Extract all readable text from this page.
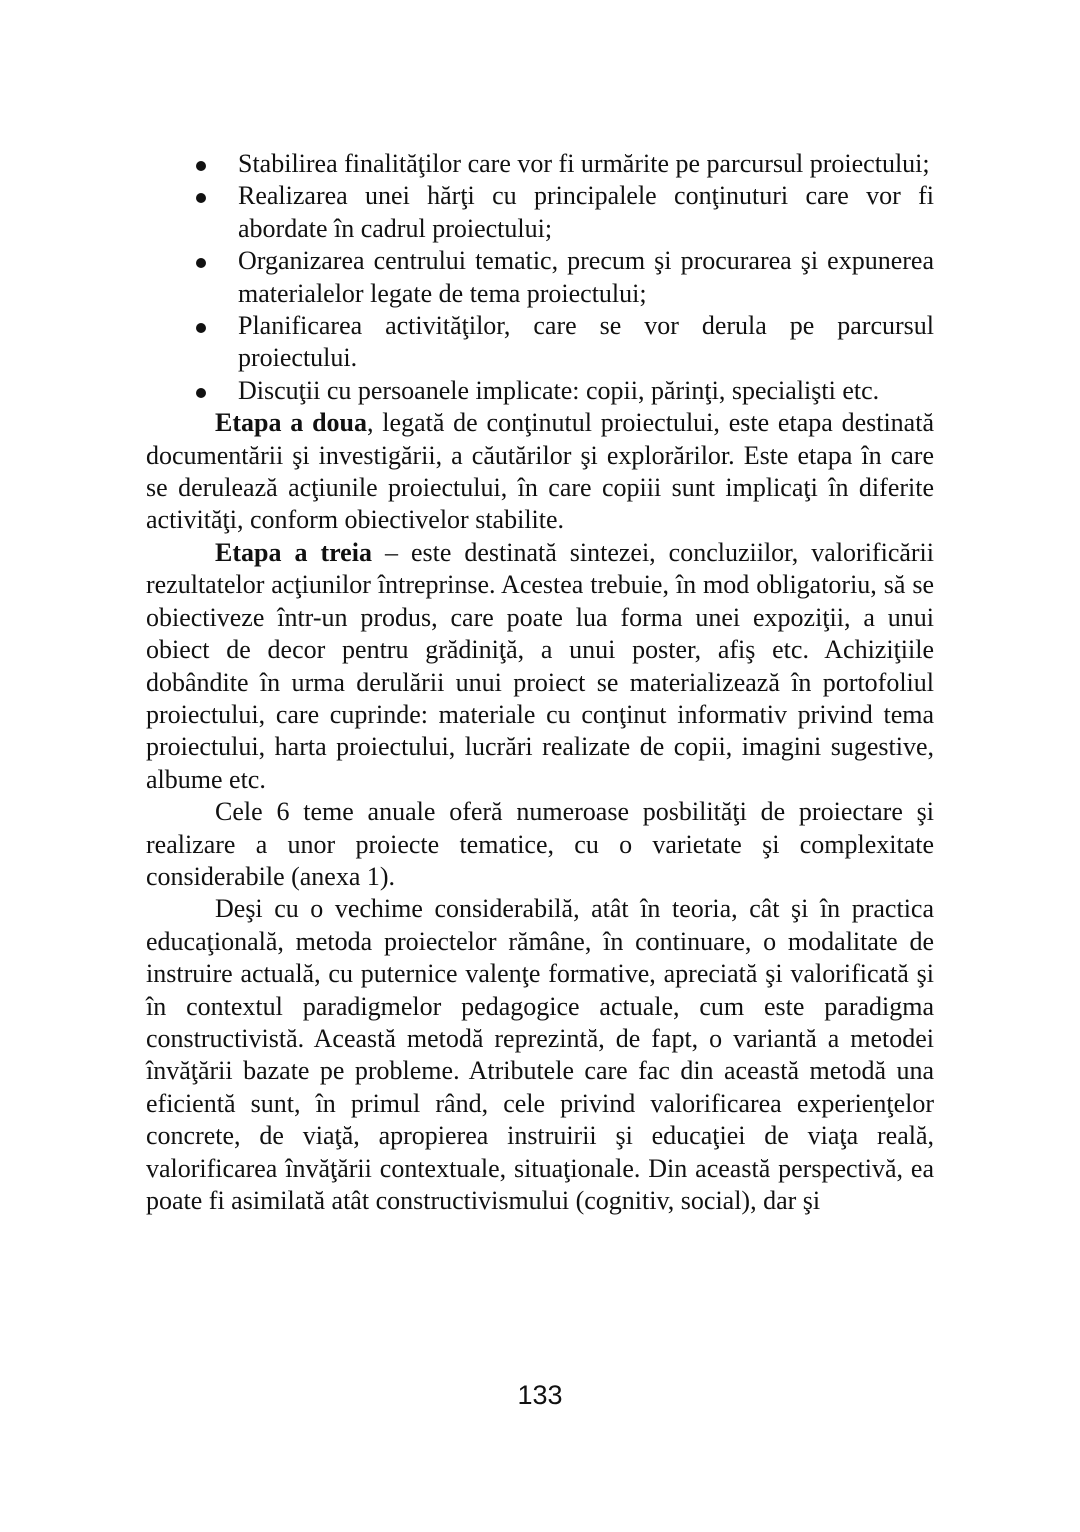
Stabilirea finalităţilor care vor fi urmărite pe parcursul proiectului;
Realizarea unei hărţi cu principalele conţinuturi care vor fi abordate în cadrul proiectului;
Organizarea centrului tematic, precum şi procurarea şi expunerea materialelor legate de tema proiectului;
Planificarea activităţilor, care se vor derula pe parcursul proiectului.
Discuţii cu persoanele implicate: copii, părinţi, specialişti etc.

Etapa a doua, legată de conţinutul proiectului, este etapa destinată documentării şi investigării, a căutărilor şi explorărilor. Este etapa în care se derulează acţiunile proiectului, în care copiii sunt implicaţi în diferite activităţi, conform obiectivelor stabilite.

Etapa a treia – este destinată sintezei, concluziilor, valorificării rezultatelor acţiunilor întreprinse. Acestea trebuie, în mod obligatoriu, să se obiectiveze într-un produs, care poate lua forma unei expoziţii, a unui obiect de decor pentru grădiniţă, a unui poster, afiş etc. Achiziţiile dobândite în urma derulării unui proiect se materializează în portofoliul proiectului, care cuprinde: materiale cu conţinut informativ privind tema proiectului, harta proiectului, lucrări realizate de copii, imagini sugestive, albume etc.

Cele 6 teme anuale oferă numeroase posbilităţi de proiectare şi realizare a unor proiecte tematice, cu o varietate şi complexitate considerabile (anexa 1).

Deşi cu o vechime considerabilă, atât în teoria, cât şi în practica educaţională, metoda proiectelor rămâne, în continuare, o modalitate de instruire actuală, cu puternice valenţe formative, apreciată şi valorificată şi în contextul paradigmelor pedagogice actuale, cum este paradigma constructivistă. Această metodă reprezintă, de fapt, o variantă a metodei învăţării bazate pe probleme. Atributele care fac din această metodă una eficientă sunt, în primul rând, cele privind valorificarea experienţelor concrete, de viaţă, apropierea instruirii şi educaţiei de viaţa reală, valorificarea învăţării contextuale, situaţionale. Din această perspectivă, ea poate fi asimilată atât constructivismului (cognitiv, social), dar şi

133
